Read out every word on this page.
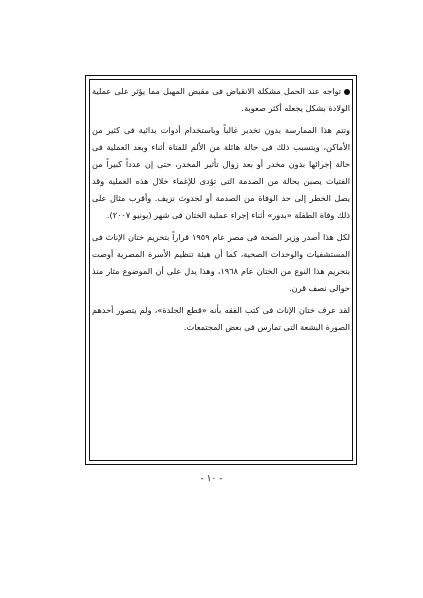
تواجه عند الحمل مشكلة الانقباض فى مقبض المهبل مما يؤثر على عملية الولادة بشكل يجعله أكثر صعوبة.

وتتم هذا الممارسة بدون تخدير غالباً وباستخدام أدوات بدائية فى كثير من الأماكن، ويتسبب ذلك فى حالة هائلة من الألم للفتاة أثناء وبعد العملية فى حالة إجرائها بدون مخدر أو بعد زوال تأثير المخدر، حتى إن عدداً كبيراً من الفتيات يصبن بحالة من الصدمة التى تؤدى للإغماء خلال هذه العملية وقد يصل الخطر إلى حد الوفاة من الصدمة أو لحدوث نزيف. وأقرب مثال على ذلك وفاة الطفلة «بدور» أثناء إجراء عملية الختان فى شهر (يونيو ٢٠٠٧).

لكل هذا أصدر وزير الصحة فى مصر عام ١٩٥٩ قراراً بتحريم ختان الإناث فى المستشفيات والوحدات الصحية، كما أن هيئة تنظيم الأسرة المصرية أوصت بتحريم هذا النوع من الختان عام ١٩٦٨، وهذا يدل على أن الموضوع مثار منذ حوالى نصف قرن.

لقد عرف ختان الإناث فى كتب الفقه بأنه «قطع الجلدة»، ولم يتصور أحدهم الصورة البشعة التى تمارس فى بعض المجتمعات.

- ١٠ -
